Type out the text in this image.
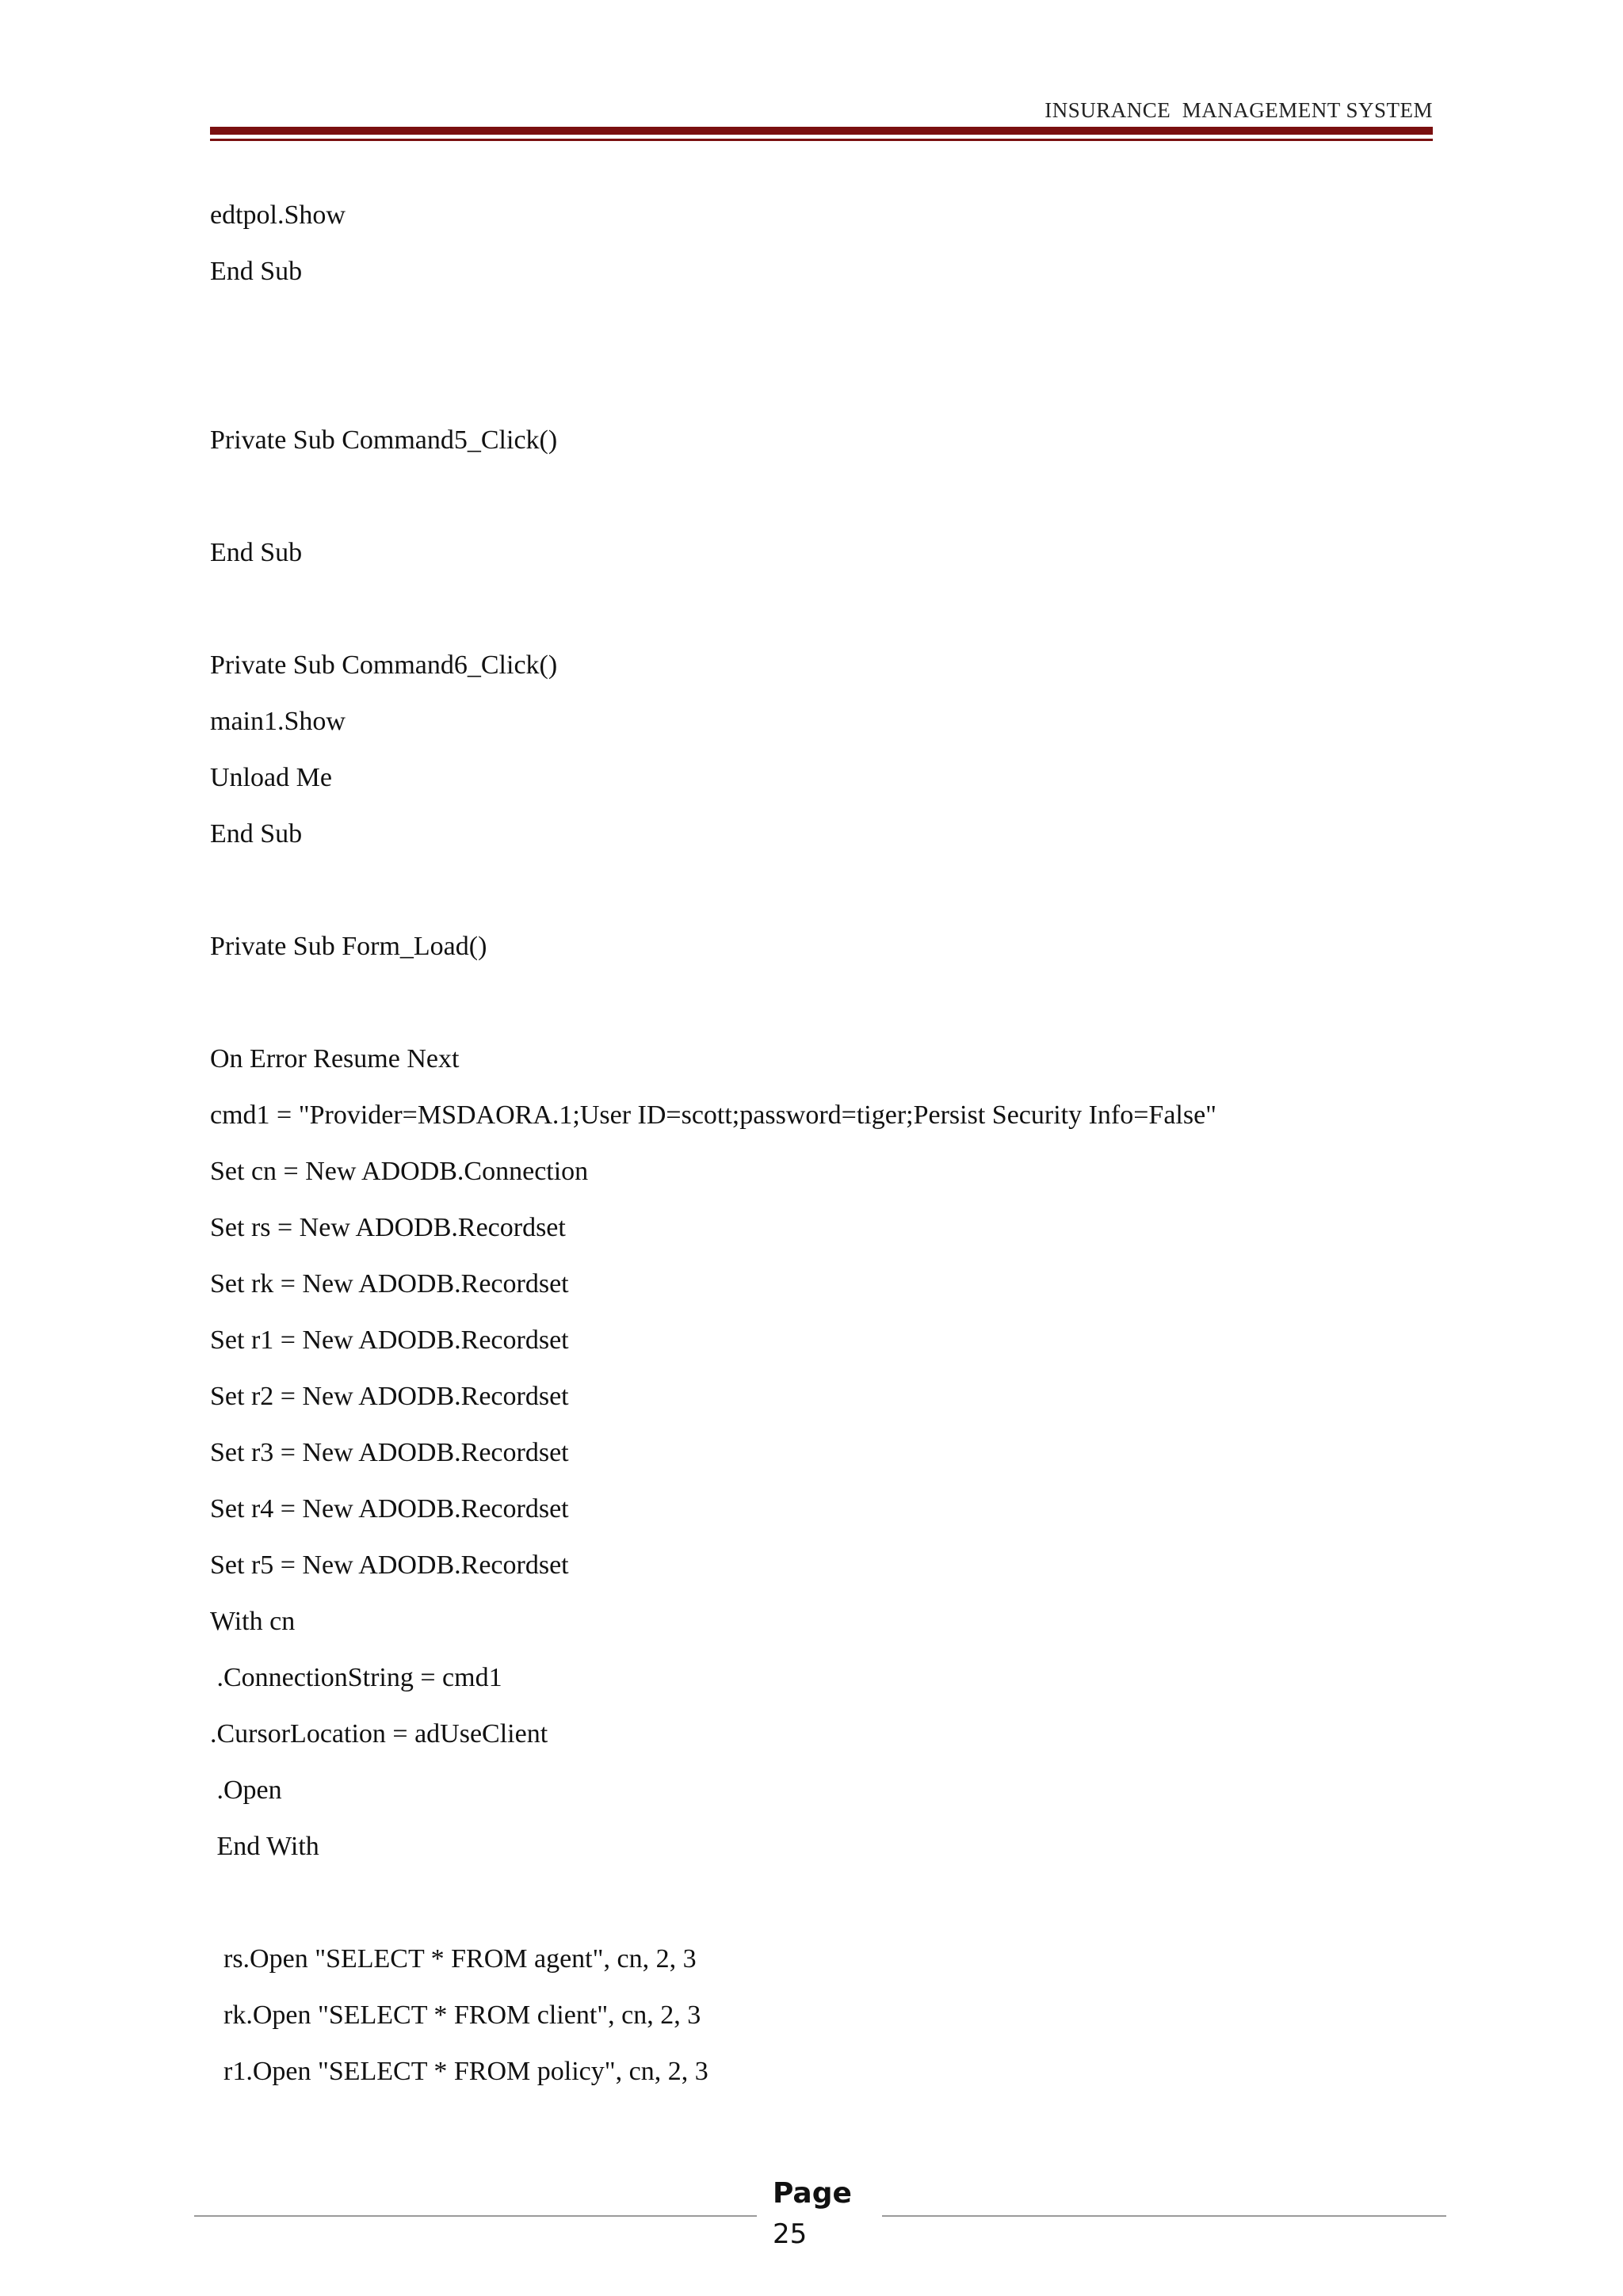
INSURANCE  MANAGEMENT SYSTEM
edtpol.Show
End Sub
Private Sub Command5_Click()
End Sub
Private Sub Command6_Click()
main1.Show
Unload Me
End Sub
Private Sub Form_Load()
On Error Resume Next
cmd1 = "Provider=MSDAORA.1;User ID=scott;password=tiger;Persist Security Info=False"
Set cn = New ADODB.Connection
Set rs = New ADODB.Recordset
Set rk = New ADODB.Recordset
Set r1 = New ADODB.Recordset
Set r2 = New ADODB.Recordset
Set r3 = New ADODB.Recordset
Set r4 = New ADODB.Recordset
Set r5 = New ADODB.Recordset
With cn
.ConnectionString = cmd1
.CursorLocation = adUseClient
.Open
End With
rs.Open "SELECT * FROM agent", cn, 2, 3
rk.Open "SELECT * FROM client", cn, 2, 3
r1.Open "SELECT * FROM policy", cn, 2, 3
Page
25
